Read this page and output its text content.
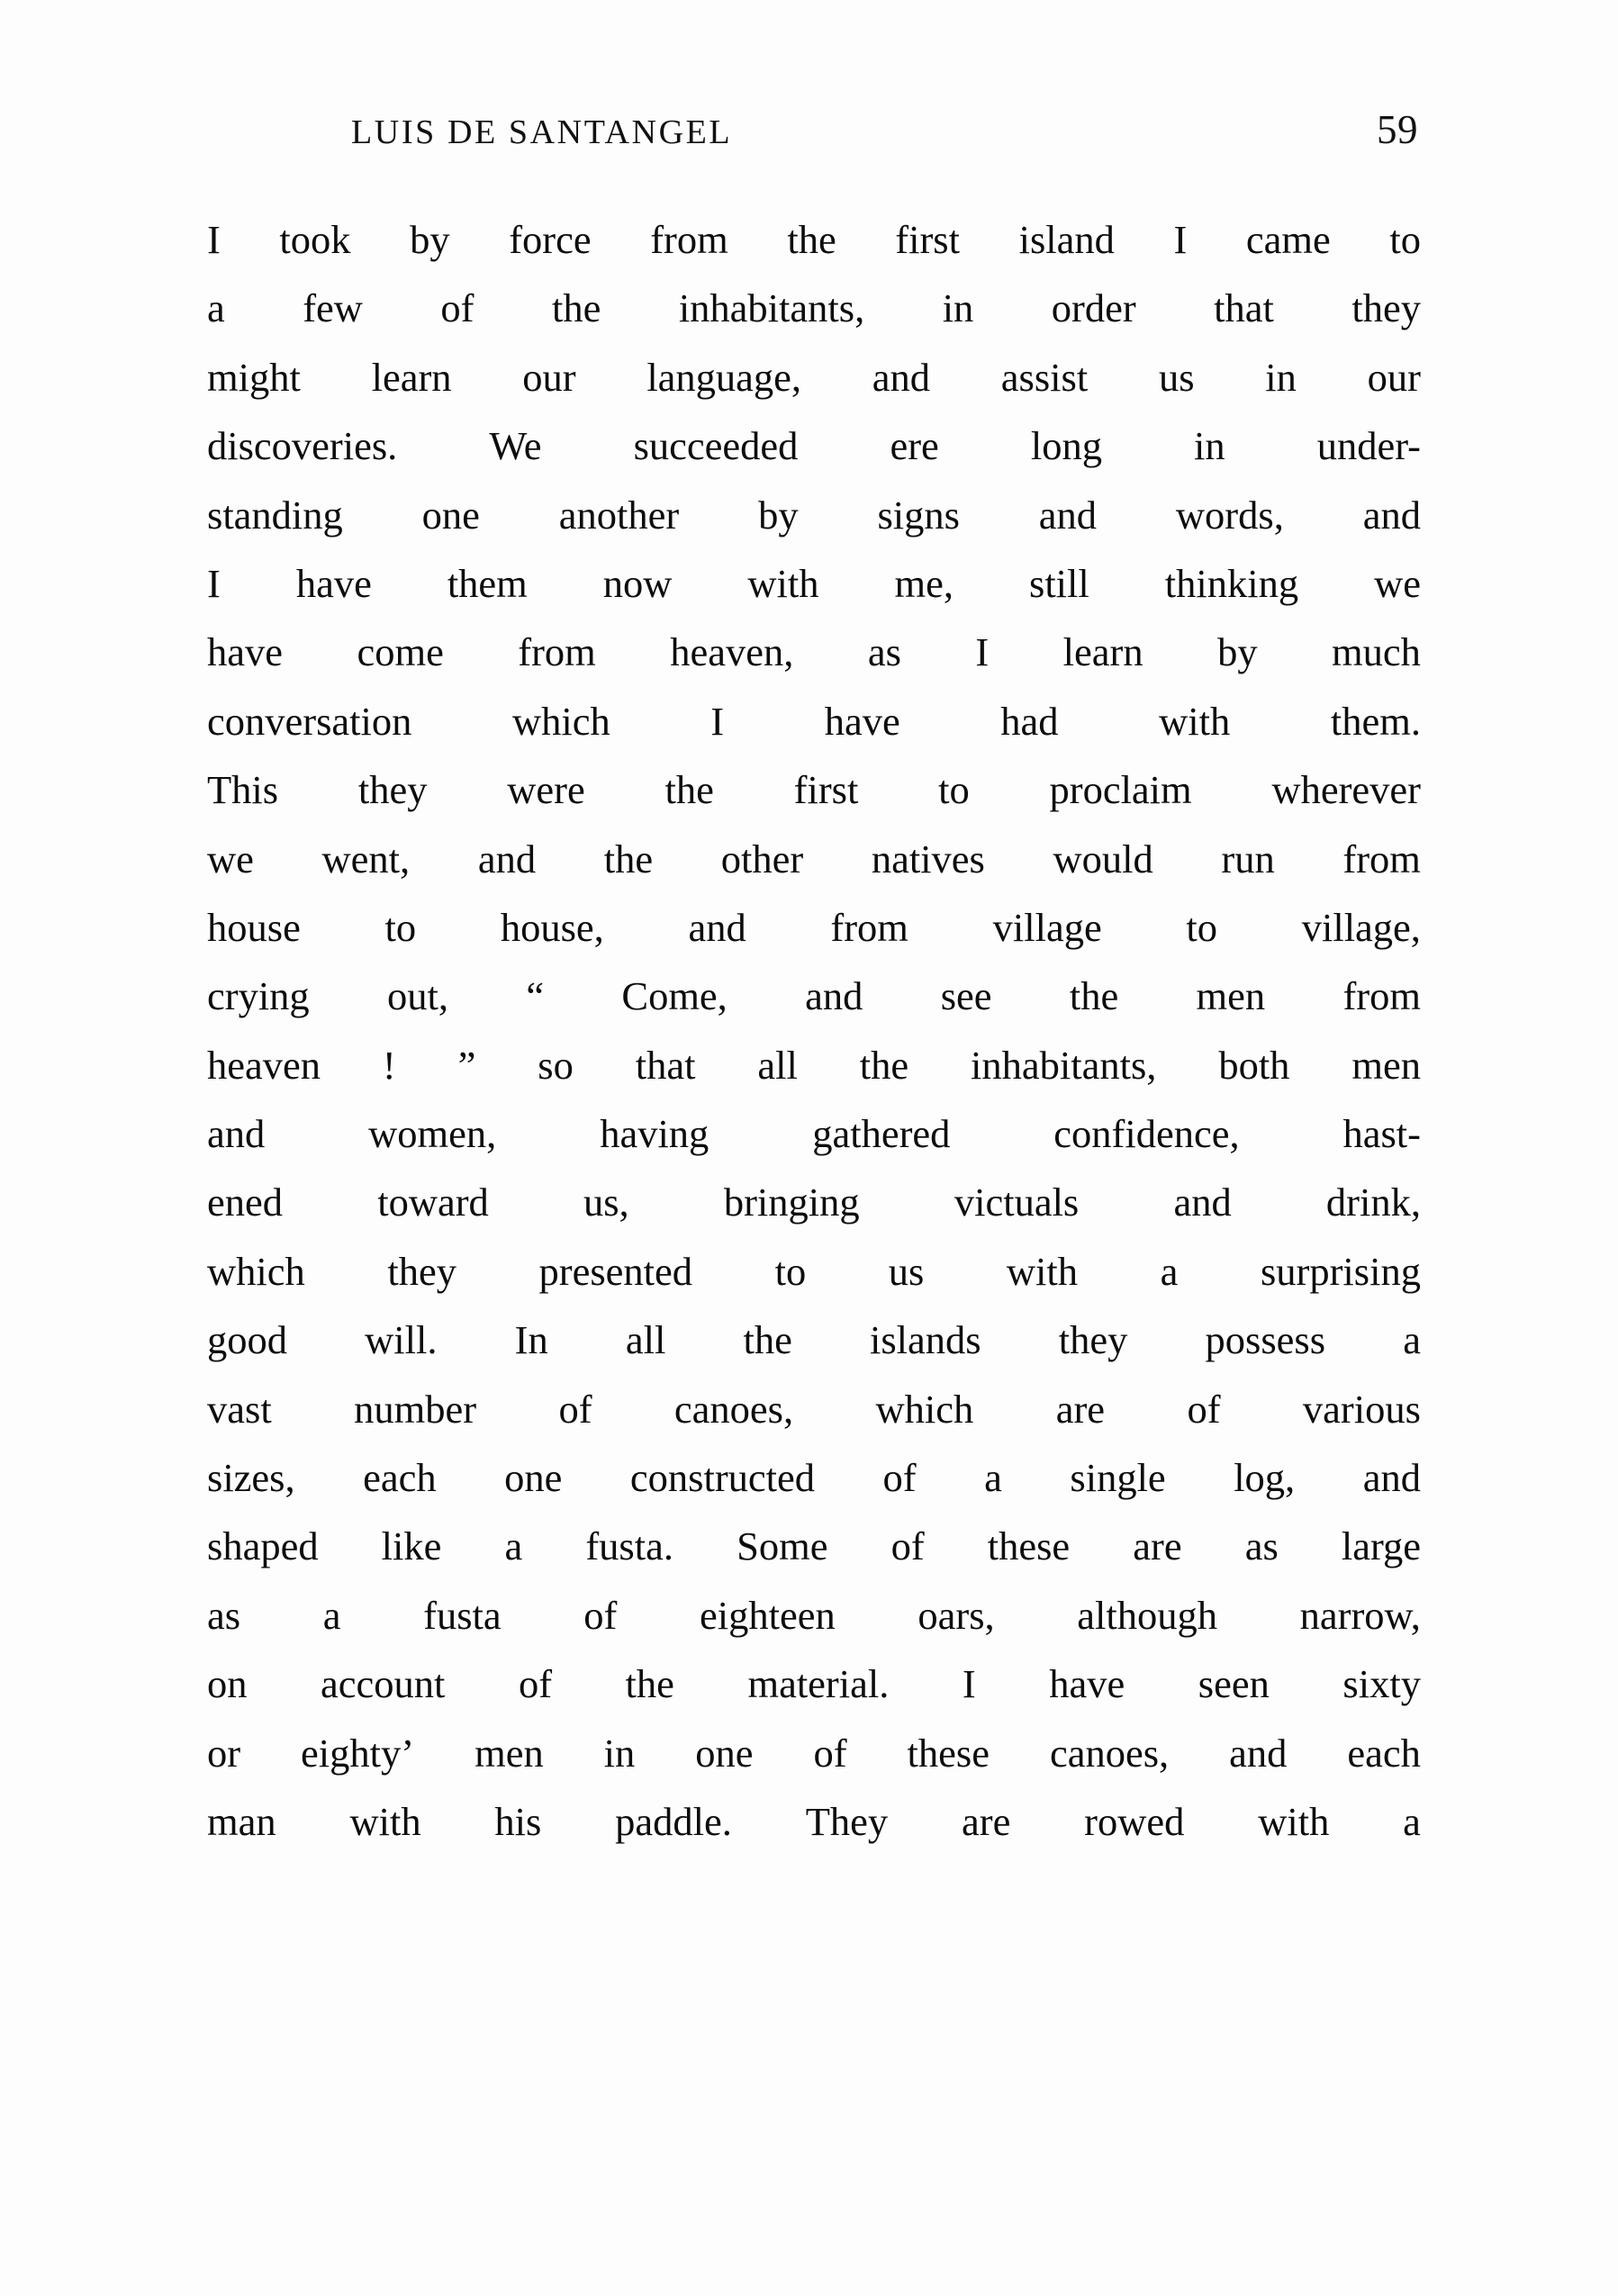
LUIS DE SANTANGEL	59
I took by force from the first island I came to
a few of the inhabitants, in order that they
might learn our language, and assist us in our
discoveries. We succeeded ere long in under-
standing one another by signs and words, and
I have them now with me, still thinking we
have come from heaven, as I learn by much
conversation	which	I	have	had	with	them.
This they were the first to proclaim wherever
we went, and the other natives would run from
house to house, and from village to village,
crying out, “ Come, and see the men from
heaven ! ” so that all the inhabitants, both men
and	women,	having	gathered	confidence,	hast-
ened toward us, bringing victuals and drink,
which they presented to us with a surprising
good will. In all the islands they possess a
vast number of canoes, which are of various
sizes, each one constructed of a single log, and
shaped like a fusta. Some of these are as large
as a fusta of eighteen oars, although narrow,
on account of the material. I have seen sixty
or eighty’ men in one of these canoes, and each
man with his paddle. They are rowed with a
